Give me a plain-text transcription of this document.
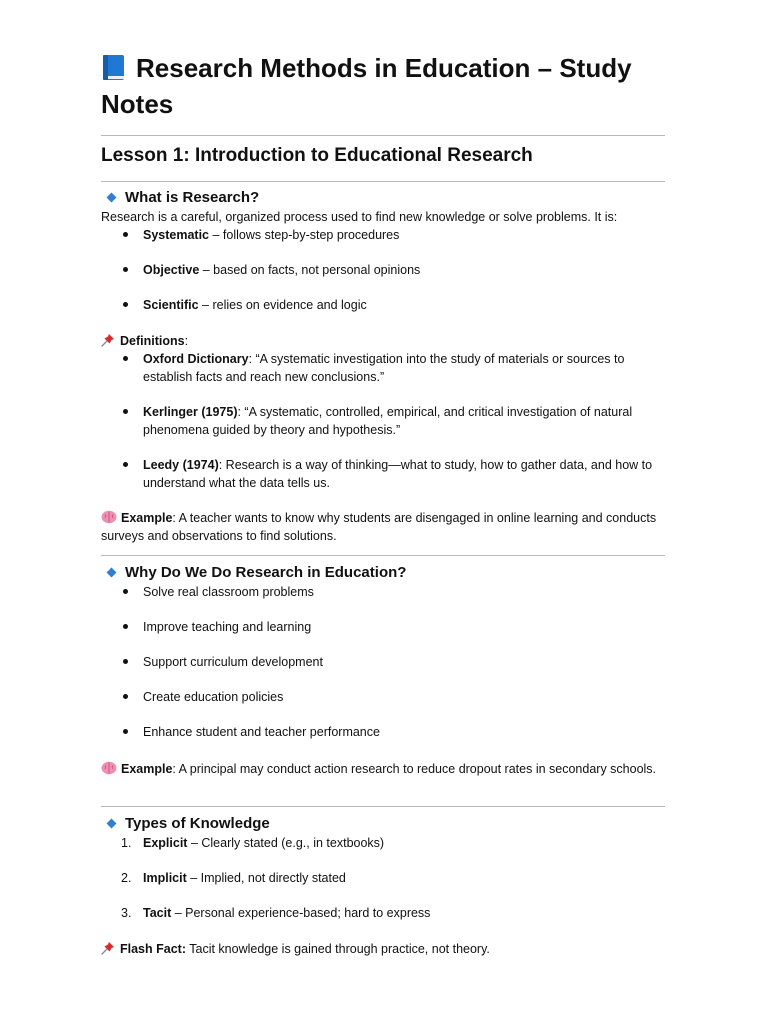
Research Methods in Education – Study Notes
Lesson 1: Introduction to Educational Research
What is Research?

Research is a careful, organized process used to find new knowledge or solve problems. It is:

Systematic – follows step-by-step procedures
Objective – based on facts, not personal opinions
Scientific – relies on evidence and logic

Definitions:

Oxford Dictionary: “A systematic investigation into the study of materials or sources to establish facts and reach new conclusions.”
Kerlinger (1975): “A systematic, controlled, empirical, and critical investigation of natural phenomena guided by theory and hypothesis.”
Leedy (1974): Research is a way of thinking—what to study, how to gather data, and how to understand what the data tells us.

Example: A teacher wants to know why students are disengaged in online learning and conducts surveys and observations to find solutions.

Why Do We Do Research in Education?
Solve real classroom problems
Improve teaching and learning
Support curriculum development
Create education policies
Enhance student and teacher performance

Example: A principal may conduct action research to reduce dropout rates in secondary schools.

Types of Knowledge
1. Explicit – Clearly stated (e.g., in textbooks)
2. Implicit – Implied, not directly stated
3. Tacit – Personal experience-based; hard to express

Flash Fact: Tacit knowledge is gained through practice, not theory.
